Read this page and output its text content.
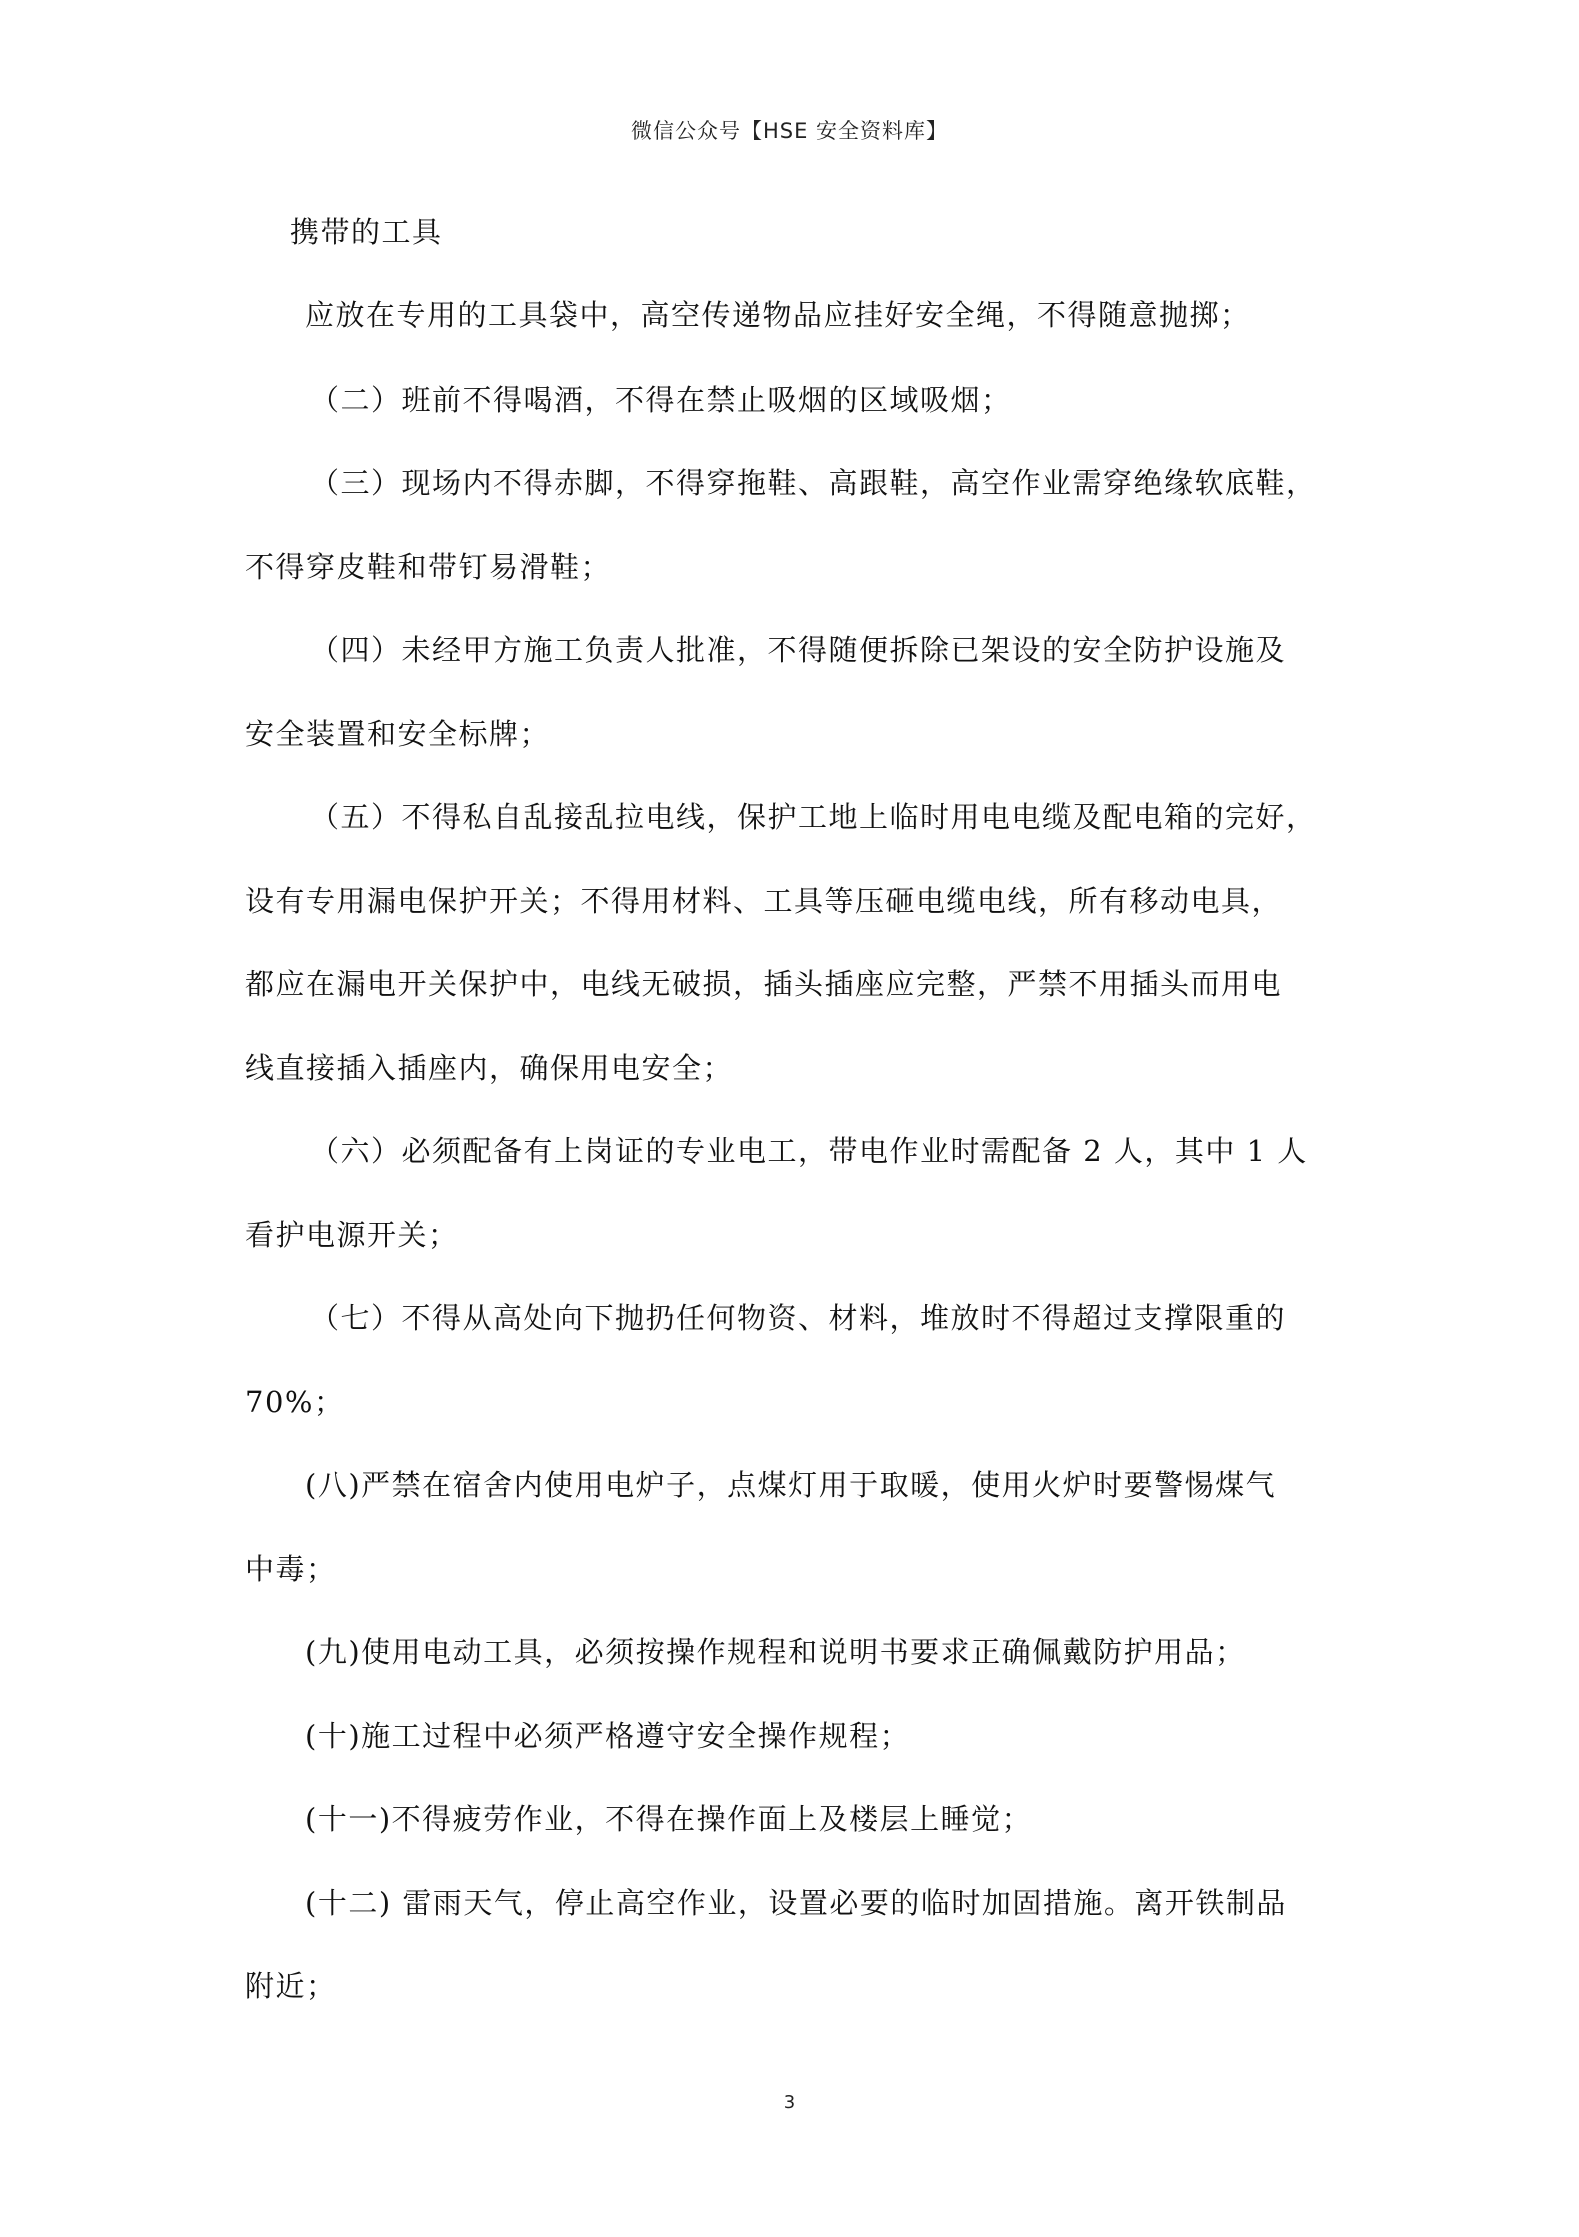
微信公众号【HSE 安全资料库】
携带的工具
应放在专用的工具袋中，高空传递物品应挂好安全绳，不得随意抛掷；
（二）班前不得喝酒，不得在禁止吸烟的区域吸烟；
（三）现场内不得赤脚，不得穿拖鞋、高跟鞋，高空作业需穿绝缘软底鞋，
不得穿皮鞋和带钉易滑鞋；
（四）未经甲方施工负责人批准，不得随便拆除已架设的安全防护设施及
安全装置和安全标牌；
（五）不得私自乱接乱拉电线，保护工地上临时用电电缆及配电箱的完好，
设有专用漏电保护开关；不得用材料、工具等压砸电缆电线，所有移动电具，
都应在漏电开关保护中，电线无破损，插头插座应完整，严禁不用插头而用电
线直接插入插座内，确保用电安全；
（六）必须配备有上岗证的专业电工，带电作业时需配备 2 人，其中 1 人
看护电源开关；
（七）不得从高处向下抛扔任何物资、材料，堆放时不得超过支撑限重的
70%；
(八)严禁在宿舍内使用电炉子，点煤灯用于取暖，使用火炉时要警惕煤气
中毒；
(九)使用电动工具，必须按操作规程和说明书要求正确佩戴防护用品；
(十)施工过程中必须严格遵守安全操作规程；
(十一)不得疲劳作业，不得在操作面上及楼层上睡觉；
(十二) 雷雨天气，停止高空作业，设置必要的临时加固措施。离开铁制品
附近；
3
